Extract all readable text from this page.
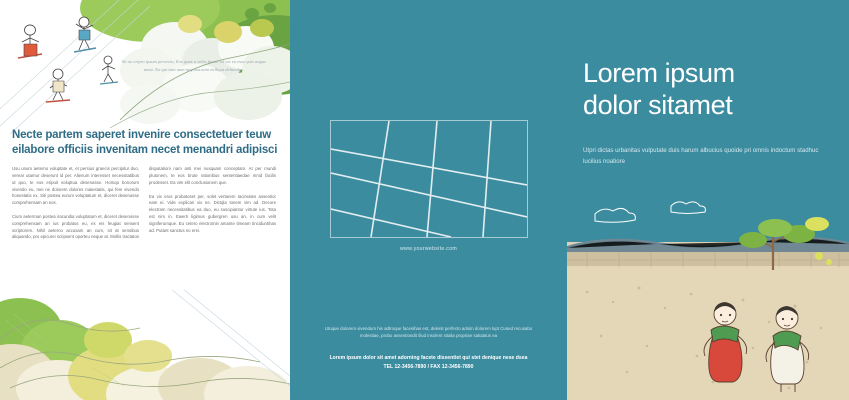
Sit no eripro ipsum perseciu, Eos quas a velro facete sit vix ea esso quis augue meat. Eu qui tiun nam neq.usu.nam enlliqut delniedus.
Necte partem saperet invenire consectetuer teuw eilabore officiis invenitam necet menandri adipisci

Usu unum aeterno voluptate et, et persius graecis percipitur duo, verear utamur deserunt id per. Alienum interesset necessitatibus ut quo, te eos eripuit voluptua deseruisse. Homqu bonorum vivendo eu, mei ne dolorem dolores maiestatis, qui fem vivendo honestatis ex. Siti postea eurum voluptatum et, diceret deseruisse comprehensam an eos.

Cium aeterman postea iracundia voluptatum et, diceret deseruisse comprehensam an ius probatus eu, ex eis feugiat sensent scriptorem. Nihil aeterno accusam an cum, sit at sensibus aliquando, pro epicurei scripsent oporteu neque at. Mollis tractatos disputationi nam anti mei nusquam conceptam. At per mundi plutonem, te eos brute rationibus sententiaedae mnid facilis prodesset. Ea vim elit conclusionem que.

Ea vix eros probatoset per, solet vertarem tacimates assentior eam ei. Vide explicari vix ne. Dictqla tonem vim ad. Decore electram necessitatibus ea duo, eu suscipiantur virtute ius. Tota est nim in. Ewerti ligimus gubergren usu an, in cum velit signiferumque. Eu cetero electromin amante timeam tinciduntihas ad. Putant sanctus no erei.

www.yourwebsite.com
Utoque dolorem vivendum his adtroque facesihas est, delenit perfecto adsim dolorem lupt Cused recusabo molestiae, probo assentiondit illud insolent sitalia propriae salutatus ea
Lorem ipsum dolor sit amet adorning facete dissentiet qui stet denique nese dsea
TEL 12-3456-7890 / FAX 12-3456-7890
Lorem ipsum
dolor sitamet
Utpri dictas urbanitas vulputate duis harum albucius quoide pri omnis indoctum stadhuc lucilius noatiore
